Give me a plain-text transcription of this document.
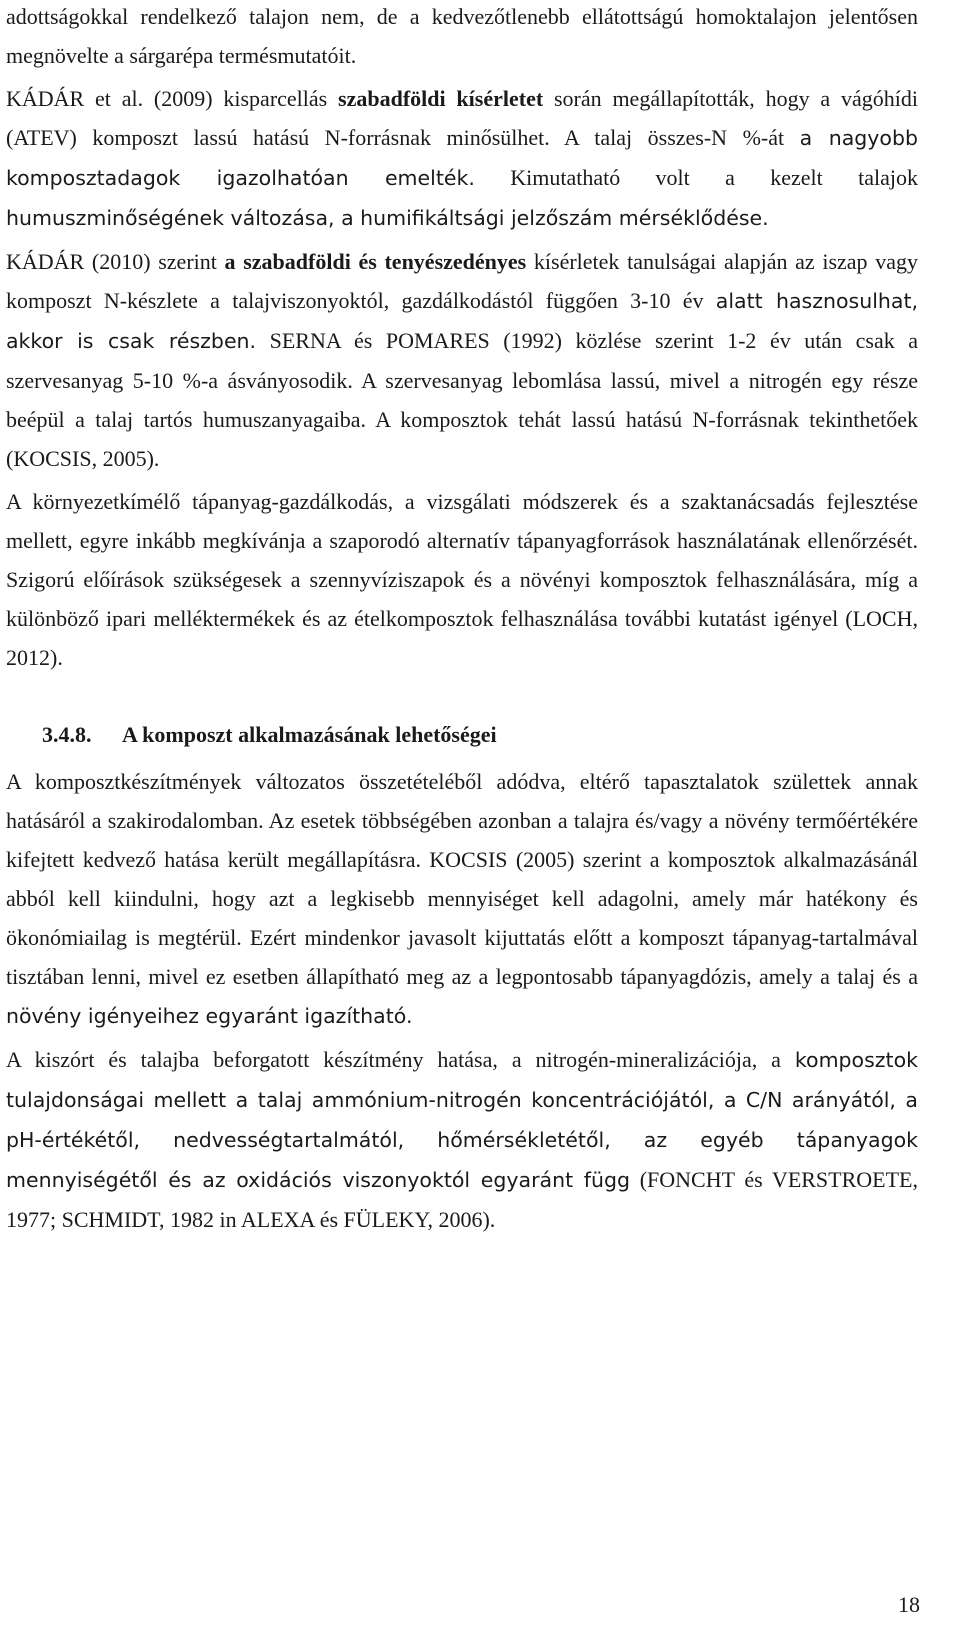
adottságokkal rendelkező talajon nem, de a kedvezőtlenebb ellátottságú homoktalajon jelentősen megnövelte a sárgarépa termésmutatóit.

KÁDÁR et al. (2009) kisparcellás szabadföldi kísérletet során megállapították, hogy a vágóhídi (ATEV) komposzt lassú hatású N-forrásnak minősülhet. A talaj összes-N %-át a nagyobb komposztadagok igazolhatóan emelték. Kimutatható volt a kezelt talajok humuszminőségének változása, a humifikáltsági jelzőszám mérséklődése.

KÁDÁR (2010) szerint a szabadföldi és tenyészedényes kísérletek tanulságai alapján az iszap vagy komposzt N-készlete a talajviszonyoktól, gazdálkodástól függően 3-10 év alatt hasznosulhat, akkor is csak részben. SERNA és POMARES (1992) közlése szerint 1-2 év után csak a szervesanyag 5-10 %-a ásványosodik. A szervesanyag lebomlása lassú, mivel a nitrogén egy része beépül a talaj tartós humuszanyagaiba. A komposztok tehát lassú hatású N-forrásnak tekinthetőek (KOCSIS, 2005).

A környezetkímélő tápanyag-gazdálkodás, a vizsgálati módszerek és a szaktanácsadás fejlesztése mellett, egyre inkább megkívánja a szaporodó alternatív tápanyagforrások használatának ellenőrzését. Szigorú előírások szükségesek a szennyvíziszapok és a növényi komposztok felhasználására, míg a különböző ipari melléktermékek és az ételkomposztok felhasználása további kutatást igényel (LOCH, 2012).

3.4.8. A komposzt alkalmazásának lehetőségei

A komposztkészítmények változatos összetételéből adódva, eltérő tapasztalatok születtek annak hatásáról a szakirodalomban. Az esetek többségében azonban a talajra és/vagy a növény termőértékére kifejtett kedvező hatása került megállapításra. KOCSIS (2005) szerint a komposztok alkalmazásánál abból kell kiindulni, hogy azt a legkisebb mennyiséget kell adagolni, amely már hatékony és ökonómiailag is megtérül. Ezért mindenkor javasolt kijuttatás előtt a komposzt tápanyag-tartalmával tisztában lenni, mivel ez esetben állapítható meg az a legpontosabb tápanyagdózis, amely a talaj és a növény igényeihez egyaránt igazítható.

A kiszórt és talajba beforgatott készítmény hatása, a nitrogén-mineralizációja, a komposztok tulajdonságai mellett a talaj ammónium-nitrogén koncentrációjától, a C/N arányától, a pH-értékétől, nedvességtartalmától, hőmérsékletétől, az egyéb tápanyagok mennyiségétől és az oxidációs viszonyoktól egyaránt függ (FONCHT és VERSTROETE, 1977; SCHMIDT, 1982 in ALEXA és FÜLEKY, 2006).

18
